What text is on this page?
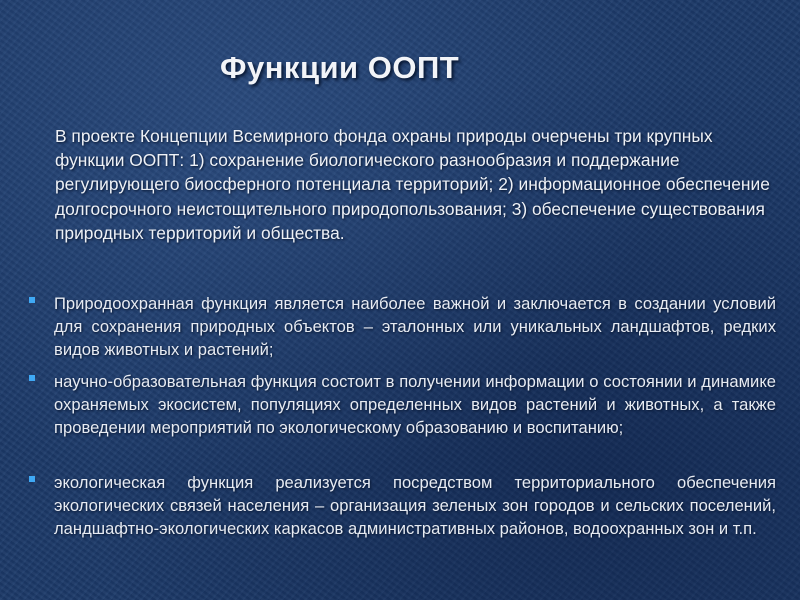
Функции ООПТ

В проекте Концепции Всемирного фонда охраны природы очерчены три крупных функции ООПТ: 1) сохранение биологического разнообразия и поддержание регулирующего биосферного потенциала территорий; 2) информационное обеспечение долгосрочного неистощительного природопользования; 3) обеспечение существования природных территорий и общества.

Природоохранная функция является наиболее важной и заключается в создании условий для сохранения природных объектов – эталонных или уникальных ландшафтов, редких видов животных и растений;

научно-образовательная функция состоит в получении информации о состоянии и динамике охраняемых экосистем, популяциях определенных видов растений и животных, а также проведении мероприятий по экологическому образованию и воспитанию;

экологическая функция реализуется посредством территориального обеспечения экологических связей населения – организация зеленых зон городов и сельских поселений, ландшафтно-экологических каркасов административных районов, водоохранных зон и т.п.
